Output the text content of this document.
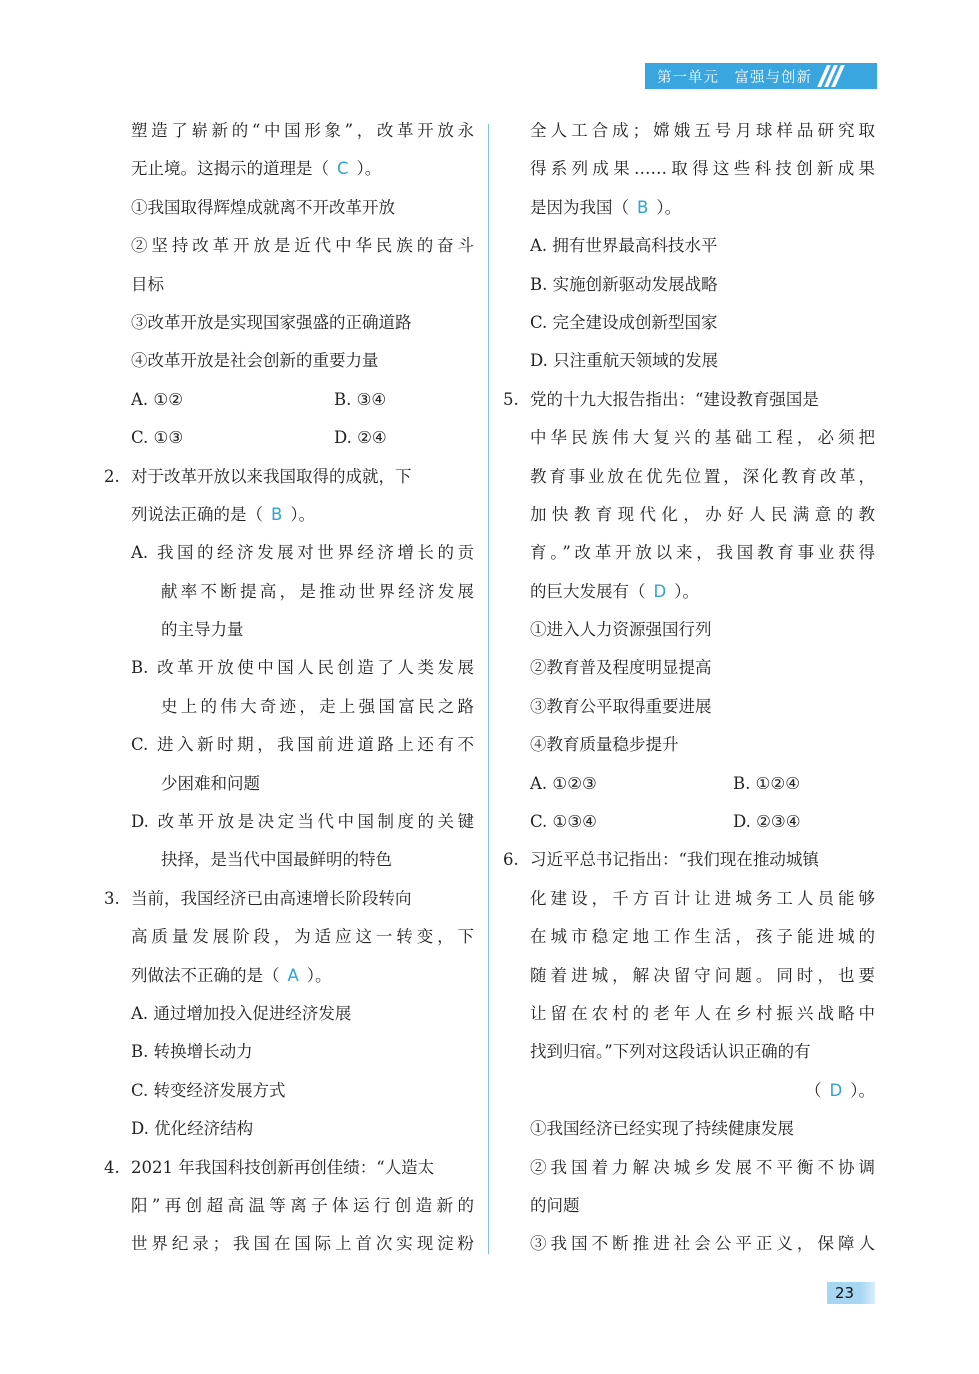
第一单元　富强与创新
塑造了崭新的“中国形象”，改革开放永
无止境。这揭示的道理是（ C ）。
①我国取得辉煌成就离不开改革开放
②坚持改革开放是近代中华民族的奋斗
目标
③改革开放是实现国家强盛的正确道路
④改革开放是社会创新的重要力量
A. ①②	B. ③④
C. ①③	D. ②④
2. 对于改革开放以来我国取得的成就，下
列说法正确的是（ B ）。
A. 我国的经济发展对世界经济增长的贡
献率不断提高，是推动世界经济发展
的主导力量
B. 改革开放使中国人民创造了人类发展
史上的伟大奇迹，走上强国富民之路
C. 进入新时期，我国前进道路上还有不
少困难和问题
D. 改革开放是决定当代中国制度的关键
抉择，是当代中国最鲜明的特色
3. 当前，我国经济已由高速增长阶段转向
高质量发展阶段，为适应这一转变，下
列做法不正确的是（ A ）。
A. 通过增加投入促进经济发展
B. 转换增长动力
C. 转变经济发展方式
D. 优化经济结构
4. 2021 年我国科技创新再创佳绩：“人造太
阳”再创超高温等离子体运行创造新的
世界纪录；我国在国际上首次实现淀粉
全人工合成；嫦娥五号月球样品研究取
得系列成果……取得这些科技创新成果
是因为我国（ B ）。
A. 拥有世界最高科技水平
B. 实施创新驱动发展战略
C. 完全建设成创新型国家
D. 只注重航天领域的发展
5. 党的十九大报告指出：“建设教育强国是
中华民族伟大复兴的基础工程，必须把
教育事业放在优先位置，深化教育改革，
加快教育现代化，办好人民满意的教
育。”改革开放以来，我国教育事业获得
的巨大发展有（ D ）。
①进入人力资源强国行列
②教育普及程度明显提高
③教育公平取得重要进展
④教育质量稳步提升
A. ①②③	B. ①②④
C. ①③④	D. ②③④
6. 习近平总书记指出：“我们现在推动城镇
化建设，千方百计让进城务工人员能够
在城市稳定地工作生活，孩子能进城的
随着进城，解决留守问题。同时，也要
让留在农村的老年人在乡村振兴战略中
找到归宿。”下列对这段话认识正确的有
（ D ）。
①我国经济已经实现了持续健康发展
②我国着力解决城乡发展不平衡不协调
的问题
③我国不断推进社会公平正义，保障人
23
